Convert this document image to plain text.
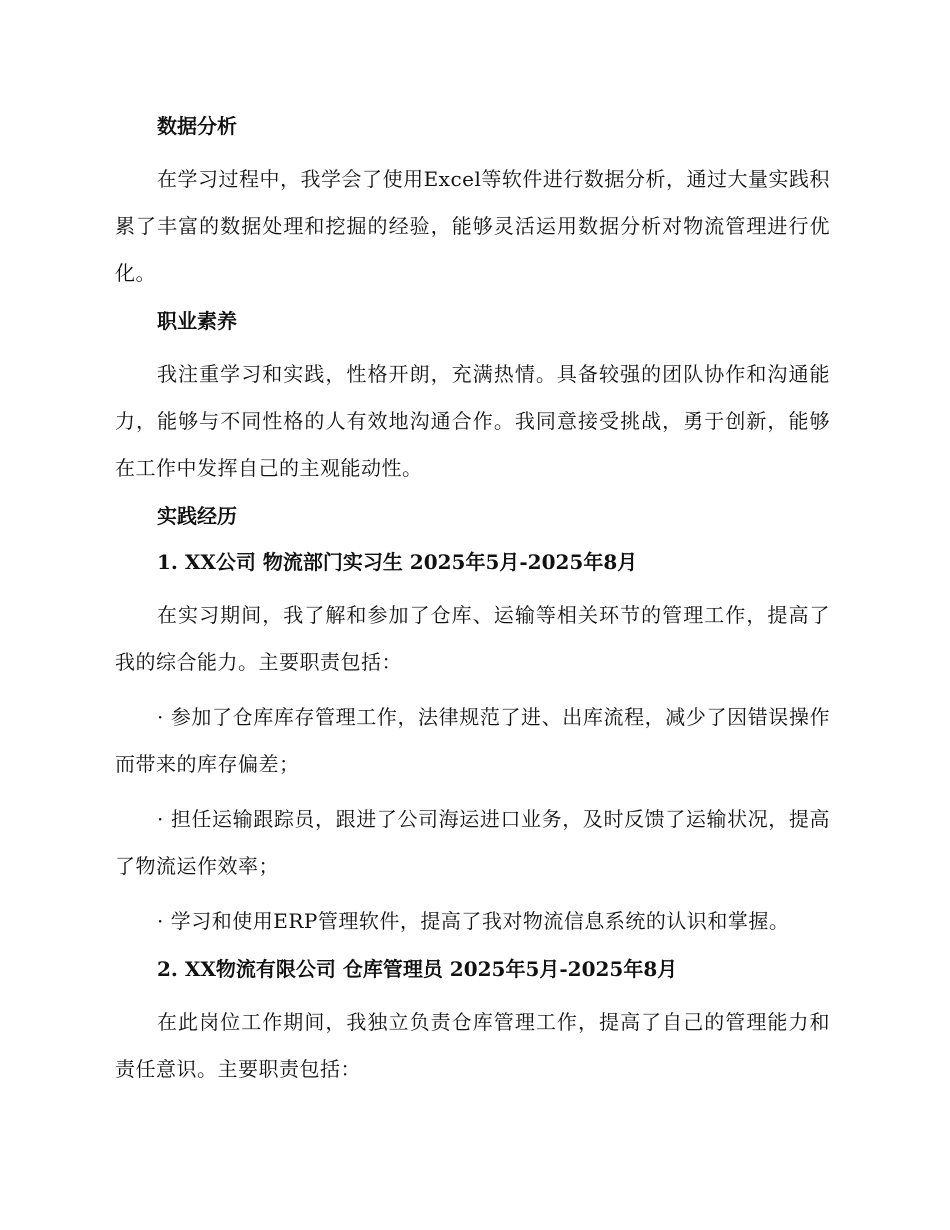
数据分析

在学习过程中，我学会了使用Excel等软件进行数据分析，通过大量实践积累了丰富的数据处理和挖掘的经验，能够灵活运用数据分析对物流管理进行优化。

职业素养

我注重学习和实践，性格开朗，充满热情。具备较强的团队协作和沟通能力，能够与不同性格的人有效地沟通合作。我同意接受挑战，勇于创新，能够在工作中发挥自己的主观能动性。

实践经历
1. XX公司 物流部门实习生 2025年5月-2025年8月

在实习期间，我了解和参加了仓库、运输等相关环节的管理工作，提高了我的综合能力。主要职责包括：

· 参加了仓库库存管理工作，法律规范了进、出库流程，减少了因错误操作而带来的库存偏差；

· 担任运输跟踪员，跟进了公司海运进口业务，及时反馈了运输状况，提高了物流运作效率；

· 学习和使用ERP管理软件，提高了我对物流信息系统的认识和掌握。

2. XX物流有限公司 仓库管理员 2025年5月-2025年8月

在此岗位工作期间，我独立负责仓库管理工作，提高了自己的管理能力和责任意识。主要职责包括：
